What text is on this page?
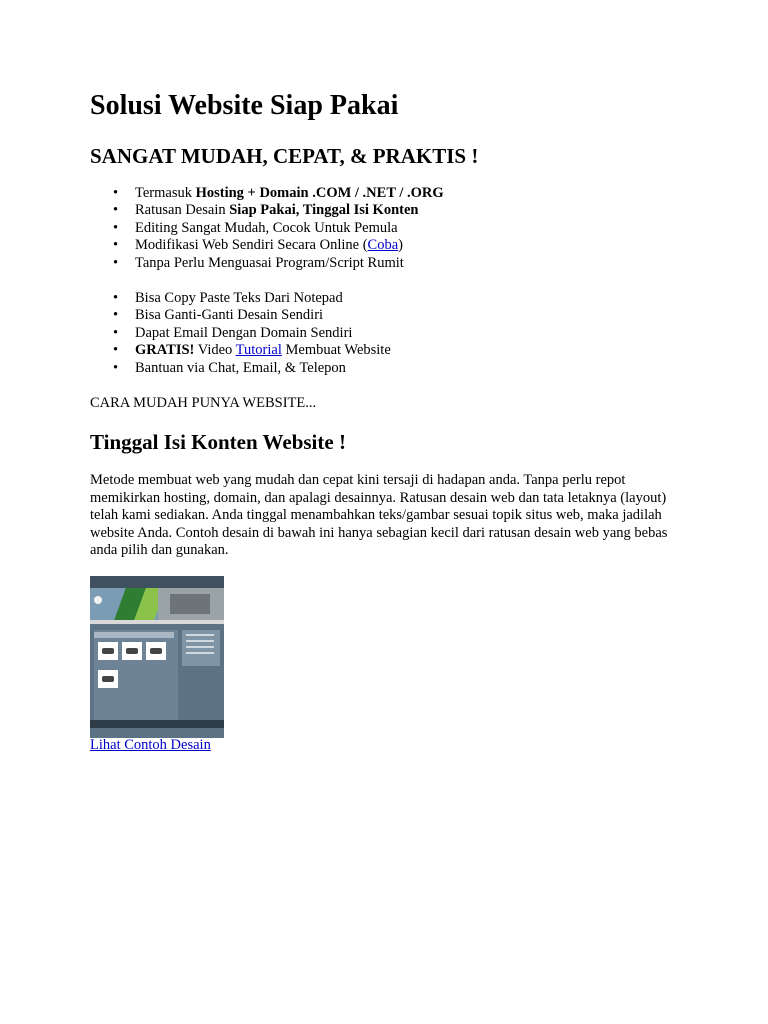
Solusi Website Siap Pakai
SANGAT MUDAH, CEPAT, & PRAKTIS !
• Termasuk Hosting + Domain .COM / .NET / .ORG
• Ratusan Desain Siap Pakai, Tinggal Isi Konten
• Editing Sangat Mudah, Cocok Untuk Pemula
• Modifikasi Web Sendiri Secara Online (Coba)
• Tanpa Perlu Menguasai Program/Script Rumit
• Bisa Copy Paste Teks Dari Notepad
• Bisa Ganti-Ganti Desain Sendiri
• Dapat Email Dengan Domain Sendiri
• GRATIS! Video Tutorial Membuat Website
• Bantuan via Chat, Email, & Telepon

CARA MUDAH PUNYA WEBSITE...

Tinggal Isi Konten Website !

Metode membuat web yang mudah dan cepat kini tersaji di hadapan anda. Tanpa perlu repot memikirkan hosting, domain, dan apalagi desainnya. Ratusan desain web dan tata letaknya (layout) telah kami sediakan. Anda tinggal menambahkan teks/gambar sesuai topik situs web, maka jadilah website Anda. Contoh desain di bawah ini hanya sebagian kecil dari ratusan desain web yang bebas anda pilih dan gunakan.

Lihat Contoh Desain
